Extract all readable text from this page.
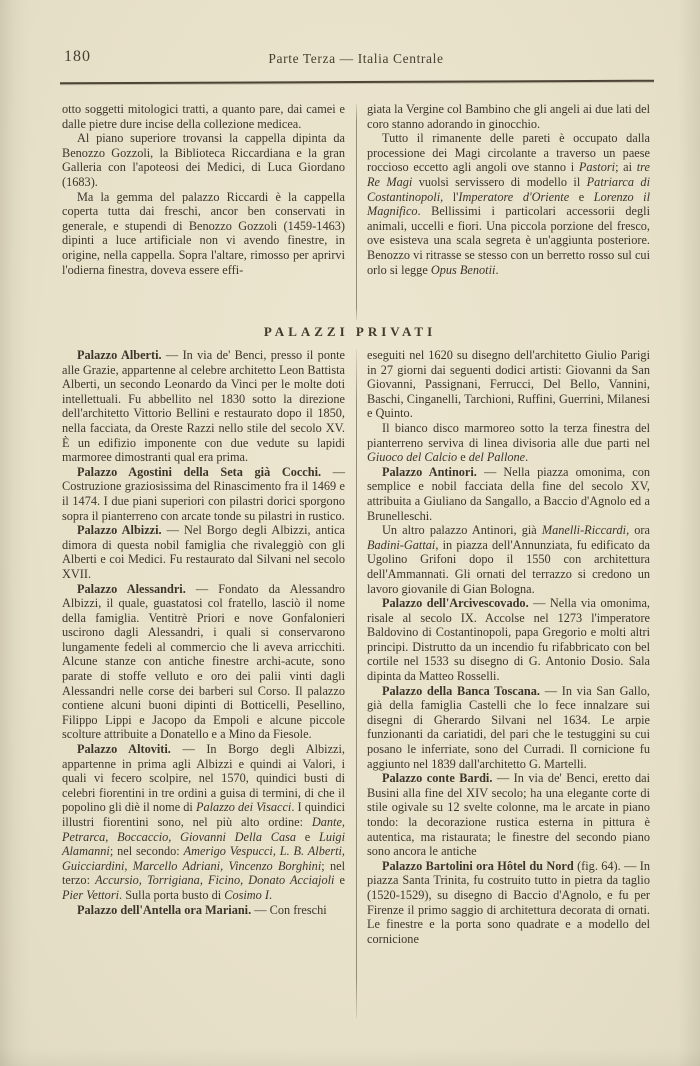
180	Parte Terza — Italia Centrale

otto soggetti mitologici tratti, a quanto pare, dai camei e dalle pietre dure incise della collezione medicea.

Al piano superiore trovansi la cappella dipinta da Benozzo Gozzoli, la Biblioteca Riccardiana e la gran Galleria con l'apoteosi dei Medici, di Luca Giordano (1683).

Ma la gemma del palazzo Riccardi è la cappella coperta tutta dai freschi, ancor ben conservati in generale, e stupendi di Benozzo Gozzoli (1459-1463) dipinti a luce artificiale non vi avendo finestre, in origine, nella cappella. Sopra l'altare, rimosso per aprirvi l'odierna finestra, doveva essere effi-

giata la Vergine col Bambino che gli angeli ai due lati del coro stanno adorando in ginocchio.

Tutto il rimanente delle pareti è occupato dalla processione dei Magi circolante a traverso un paese roccioso eccetto agli angoli ove stanno i Pastori; ai tre Re Magi vuolsi servissero di modello il Patriarca di Costantinopoli, l'Imperatore d'Oriente e Lorenzo il Magnifico. Bellissimi i particolari accessorii degli animali, uccelli e fiori. Una piccola porzione del fresco, ove esisteva una scala segreta è un'aggiunta posteriore. Benozzo vi ritrasse se stesso con un berretto rosso sul cui orlo si legge Opus Benotii.

PALAZZI PRIVATI

Palazzo Alberti. — In via de' Benci, presso il ponte alle Grazie, appartenne al celebre architetto Leon Battista Alberti, un secondo Leonardo da Vinci per le molte doti intellettuali. Fu abbellito nel 1830 sotto la direzione dell'architetto Vittorio Bellini e restaurato dopo il 1850, nella facciata, da Oreste Razzi nello stile del secolo XV. È un edifizio imponente con due vedute su lapidi marmoree dimostranti qual era prima.

Palazzo Agostini della Seta già Cocchi. — Costruzione graziosissima del Rinascimento fra il 1469 e il 1474. I due piani superiori con pilastri dorici sporgono sopra il pianterreno con arcate tonde su pilastri in rustico.

Palazzo Albizzi. — Nel Borgo degli Albizzi, antica dimora di questa nobil famiglia che rivaleggiò con gli Alberti e coi Medici. Fu restaurato dal Silvani nel secolo XVII.

Palazzo Alessandri. — Fondato da Alessandro Albizzi, il quale, guastatosi col fratello, lasciò il nome della famiglia. Ventitrè Priori e nove Gonfalonieri uscirono dagli Alessandri, i quali si conservarono lungamente fedeli al commercio che li aveva arricchiti. Alcune stanze con antiche finestre archi-acute, sono parate di stoffe velluto e oro dei palii vinti dagli Alessandri nelle corse dei barberi sul Corso. Il palazzo contiene alcuni buoni dipinti di Botticelli, Pesellino, Filippo Lippi e Jacopo da Empoli e alcune piccole scolture attribuite a Donatello e a Mino da Fiesole.

Palazzo Altoviti. — In Borgo degli Albizzi, appartenne in prima agli Albizzi e quindi ai Valori, i quali vi fecero scolpire, nel 1570, quindici busti di celebri fiorentini in tre ordini a guisa di termini, di che il popolino gli diè il nome di Palazzo dei Visacci. I quindici illustri fiorentini sono, nel più alto ordine: Dante, Petrarca, Boccaccio, Giovanni Della Casa e Luigi Alamanni; nel secondo: Amerigo Vespucci, L. B. Alberti, Guicciardini, Marcello Adriani, Vincenzo Borghini; nel terzo: Accursio, Torrigiana, Ficino, Donato Acciajoli e Pier Vettori. Sulla porta busto di Cosimo I.

Palazzo dell'Antella ora Mariani. — Con freschi

eseguiti nel 1620 su disegno dell'architetto Giulio Parigi in 27 giorni dai seguenti dodici artisti: Giovanni da San Giovanni, Passignani, Ferrucci, Del Bello, Vannini, Baschi, Cinganelli, Tarchioni, Ruffini, Guerrini, Milanesi e Quinto.

Il bianco disco marmoreo sotto la terza finestra del pianterreno serviva di linea divisoria alle due parti nel Giuoco del Calcio e del Pallone.

Palazzo Antinori. — Nella piazza omonima, con semplice e nobil facciata della fine del secolo XV, attribuita a Giuliano da Sangallo, a Baccio d'Agnolo ed a Brunelleschi.

Un altro palazzo Antinori, già Manelli-Riccardi, ora Badini-Gattai, in piazza dell'Annunziata, fu edificato da Ugolino Grifoni dopo il 1550 con architettura dell'Ammannati. Gli ornati del terrazzo si credono un lavoro giovanile di Gian Bologna.

Palazzo dell'Arcivescovado. — Nella via omonima, risale al secolo IX. Accolse nel 1273 l'imperatore Baldovino di Costantinopoli, papa Gregorio e molti altri principi. Distrutto da un incendio fu rifabbricato con bel cortile nel 1533 su disegno di G. Antonio Dosio. Sala dipinta da Matteo Rosselli.

Palazzo della Banca Toscana. — In via San Gallo, già della famiglia Castelli che lo fece innalzare sui disegni di Gherardo Silvani nel 1634. Le arpie funzionanti da cariatidi, del pari che le testuggini su cui posano le inferriate, sono del Curradi. Il cornicione fu aggiunto nel 1839 dall'architetto G. Martelli.

Palazzo conte Bardi. — In via de' Benci, eretto dai Busini alla fine del XIV secolo; ha una elegante corte di stile ogivale su 12 svelte colonne, ma le arcate in piano tondo: la decorazione rustica esterna in pittura è autentica, ma ristaurata; le finestre del secondo piano sono ancora le antiche

Palazzo Bartolini ora Hôtel du Nord (fig. 64). — In piazza Santa Trinita, fu costruito tutto in pietra da taglio (1520-1529), su disegno di Baccio d'Agnolo, e fu per Firenze il primo saggio di architettura decorata di ornati. Le finestre e la porta sono quadrate e a modello del cornicione
